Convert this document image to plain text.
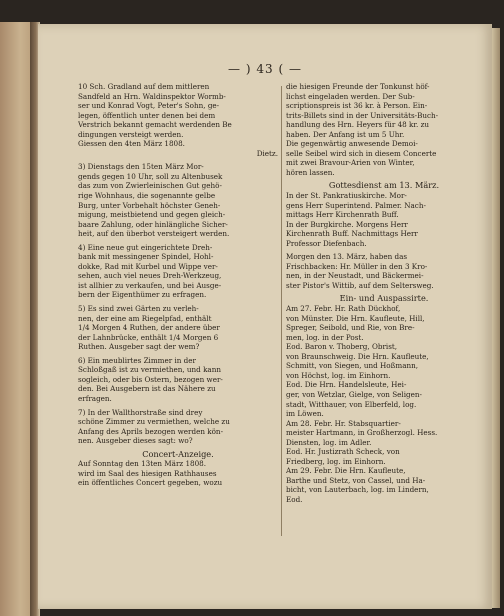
— ) 43 ( —
10 Sch. Gradland auf dem mittleren
Sandfeld an Hrn. Waldinspektor Wormb-
ser und Konrad Vogt, Peter's Sohn, ge-
legen, öffentlich unter denen bei dem
Verstrich bekannt gemacht werdenden Be
dingungen versteigt werden.
Giessen den 4ten März 1808.
Dietz.
3) Dienstags den 15ten März Mor-
gends gegen 10 Uhr, soll zu Altenbusek
das zum von Zwierleinischen Gut gehö-
rige Wohnhaus, die sogenannte gelbe
Burg, unter Vorbehalt höchster Geneh-
migung, meistbietend und gegen gleich-
baare Zahlung, oder hinlängliche Sicher-
heit, auf den überbot versteigert werden.
4) Eine neue gut eingerichtete Dreh-
bank mit messingener Spindel, Hohl-
dokke, Rad mit Kurbel und Wippe ver-
sehen, auch viel neues Dreh-Werkzeug,
ist allhier zu verkaufen, und bei Ausge-
bern der Eigenthümer zu erfragen.
5) Es sind zwei Gärten zu verleh-
nen, der eine am Riegelpfad, enthält
1/4 Morgen 4 Ruthen, der andere über
der Lahnbrücke, enthält 1/4 Morgen 6
Ruthen. Ausgeber sagt der wem?
6) Ein meublirtes Zimmer in der
Schloßgaß ist zu vermiethen, und kann
sogleich, oder bis Ostern, bezogen wer-
den. Bei Ausgebern ist das Nähere zu
erfragen.
7) In der Wallthorstraße sind drey
schöne Zimmer zu vermiethen, welche zu
Anfang des Aprils bezogen werden kön-
nen. Ausgeber dieses sagt: wo?
Concert-Anzeige.
Auf Sonntag den 13ten März 1808.
wird im Saal des hiesigen Rathhauses
ein öffentliches Concert gegeben, wozu
die hiesigen Freunde der Tonkunst höf-
lichst eingeladen werden. Der Sub-
scriptionspreis ist 36 kr. à Person. Ein-
trits-Billets sind in der Universitäts-Buch-
handlung des Hrn. Heyers für 48 kr. zu
haben. Der Anfang ist um 5 Uhr.
Die gegenwärtig anwesende Demoi-
selle Seibel wird sich in diesem Concerte
mit zwei Bravour-Arien von Winter,
hören lassen.
Gottesdienst am 13. März.
In der St. Pankratiuskirche. Mor-
gens Herr Superintend. Palmer. Nach-
mittags Herr Kirchenrath Buff.
In der Burgkirche. Morgens Herr
Kirchenrath Buff. Nachmittags Herr
Professor Diefenbach.
Morgen den 13. März, haben das
Frischbacken: Hr. Müller in den 3 Kro-
nen, in der Neustadt, und Bäckermei-
ster Pistor's Wittib, auf dem Seltersweg.
Ein- und Auspassirte.
Am 27. Febr. Hr. Rath Dückhof,
von Münster. Die Hrn. Kaufleute, Hill,
Spreger, Seibold, und Rie, von Bre-
men, log. in der Post.
Eod. Baron v. Thoberg, Obrist,
von Braunschweig. Die Hrn. Kaufleute,
Schmitt, von Siegen, und Hoßmann,
von Höchst, log. im Einhorn.
Eod. Die Hrn. Handelsleute, Hei-
ger, von Wetzlar, Gielge, von Seligen-
stadt, Witthauer, von Elberfeld, log.
im Löwen.
Am 28. Febr. Hr. Stabsquartier-
meister Hartmann, in Großherzogl. Hess.
Diensten, log. im Adler.
Eod. Hr. Justizrath Scheck, von
Friedberg, log. im Einhorn.
Am 29. Febr. Die Hrn. Kaufleute,
Barthe und Stetz, von Cassel, und Ha-
bicht, von Lauterbach, log. im Lindern,
Eod.
